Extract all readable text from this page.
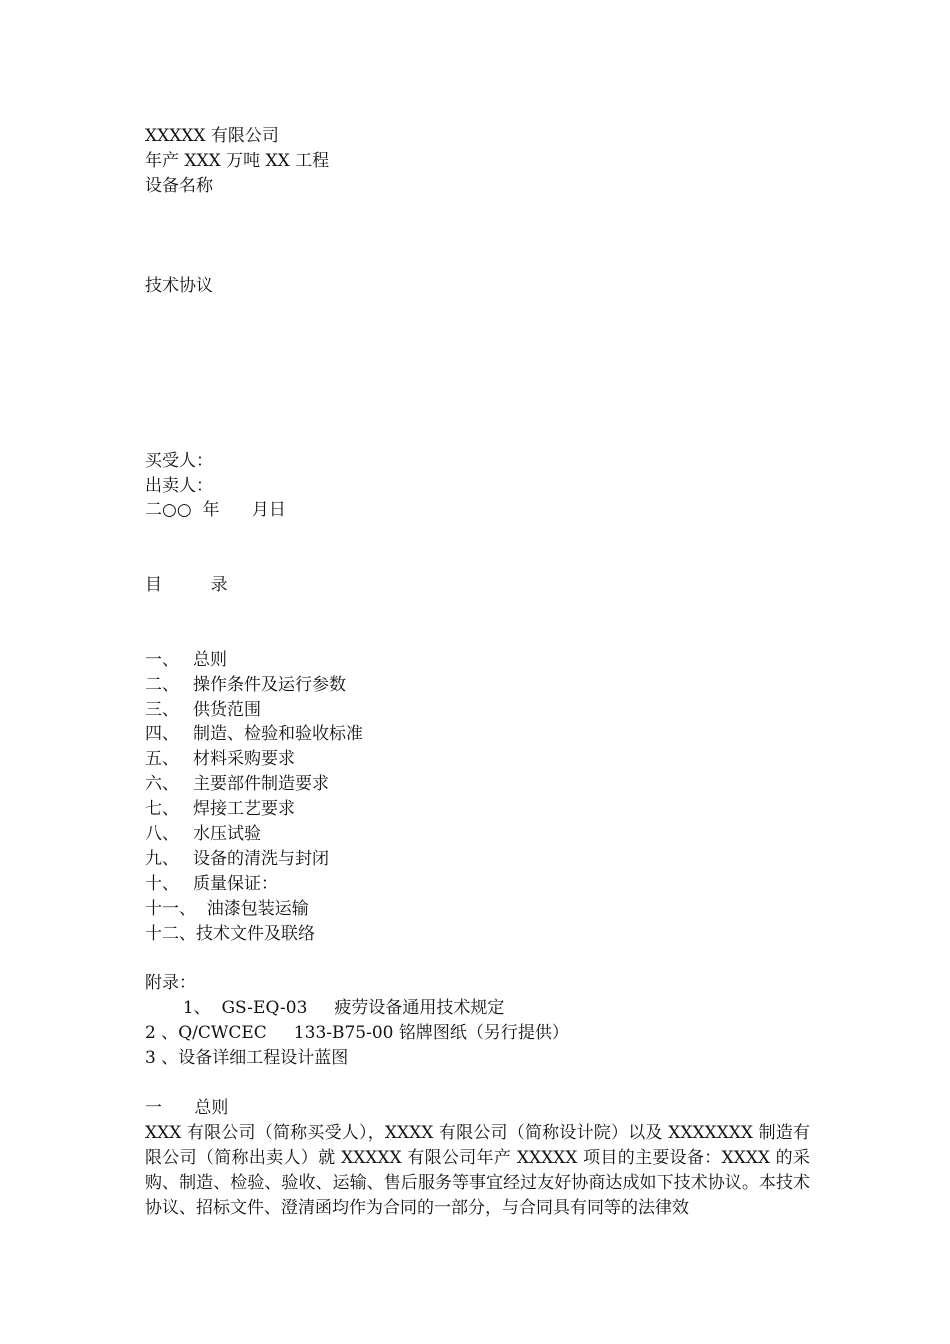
XXXXX 有限公司
年产 XXX 万吨 XX 工程
设备名称
技术协议
买受人：
出卖人：
二○○  年      月日
目         录
一、 总则
二、 操作条件及运行参数
三、 供货范围
四、 制造、检验和验收标准
五、 材料采购要求
六、 主要部件制造要求
七、 焊接工艺要求
八、 水压试验
九、 设备的清洗与封闭
十、 质量保证：
十一、  油漆包装运输
十二、技术文件及联络
附录：
1、  GS-EQ-03     疲劳设备通用技术规定
2 、Q/CWCEC     133-B75-00 铭牌图纸（另行提供）
3 、设备详细工程设计蓝图
一      总则
XXX 有限公司（简称买受人），XXXX 有限公司（简称设计院）以及 XXXXXXX 制造有限公司（简称出卖人）就 XXXXX 有限公司年产 XXXXX 项目的主要设备：XXXX 的采购、制造、检验、验收、运输、售后服务等事宜经过友好协商达成如下技术协议。本技术协议、招标文件、澄清函均作为合同的一部分，与合同具有同等的法律效
